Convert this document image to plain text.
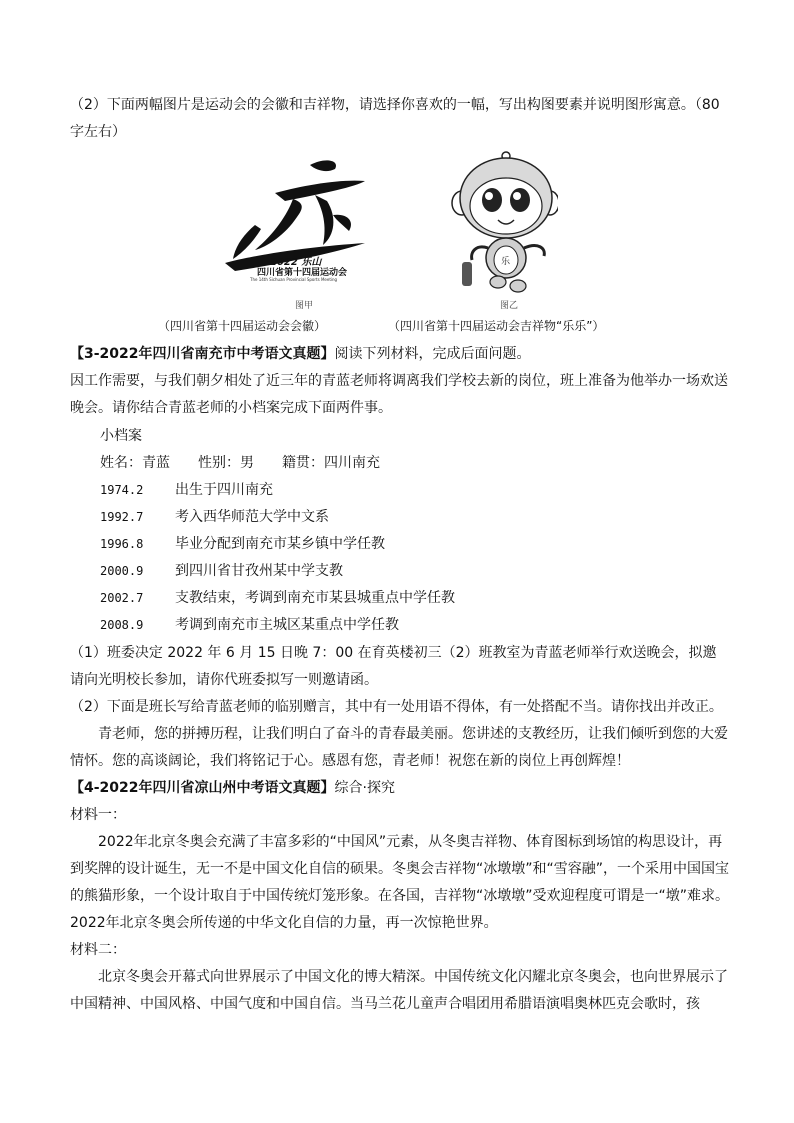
（2）下面两幅图片是运动会的会徽和吉祥物，请选择你喜欢的一幅，写出构图要素并说明图形寓意。（80字左右）

2022 乐山
四川省第十四届运动会
The 14th Sichuan Provincial Sports Meeting
图甲
乐
图乙
（四川省第十四届运动会会徽）	（四川省第十四届运动会吉祥物“乐乐”）

【3-2022年四川省南充市中考语文真题】阅读下列材料，完成后面问题。

因工作需要，与我们朝夕相处了近三年的青蓝老师将调离我们学校去新的岗位，班上准备为他举办一场欢送晚会。请你结合青蓝老师的小档案完成下面两件事。

小档案
姓名：青蓝　　性别：男　　籍贯：四川南充
1974.2 出生于四川南充
1992.7 考入西华师范大学中文系
1996.8 毕业分配到南充市某乡镇中学任教
2000.9 到四川省甘孜州某中学支教
2002.7 支教结束，考调到南充市某县城重点中学任教
2008.9 考调到南充市主城区某重点中学任教

（1）班委决定 2022 年 6 月 15 日晚 7：00 在育英楼初三（2）班教室为青蓝老师举行欢送晚会，拟邀请向光明校长参加，请你代班委拟写一则邀请函。

（2）下面是班长写给青蓝老师的临别赠言，其中有一处用语不得体，有一处搭配不当。请你找出并改正。

青老师，您的拼搏历程，让我们明白了奋斗的青春最美丽。您讲述的支教经历，让我们倾听到您的大爱情怀。您的高谈阔论，我们将铭记于心。感恩有您，青老师！祝您在新的岗位上再创辉煌！

【4-2022年四川省凉山州中考语文真题】综合·探究

材料一：

2022年北京冬奥会充满了丰富多彩的“中国风”元素，从冬奥吉祥物、体育图标到场馆的构思设计，再到奖牌的设计诞生，无一不是中国文化自信的硕果。冬奥会吉祥物“冰墩墩”和“雪容融”，一个采用中国国宝的熊猫形象，一个设计取自于中国传统灯笼形象。在各国，吉祥物“冰墩墩”受欢迎程度可谓是一“墩”难求。2022年北京冬奥会所传递的中华文化自信的力量，再一次惊艳世界。

材料二：

北京冬奥会开幕式向世界展示了中国文化的博大精深。中国传统文化闪耀北京冬奥会，也向世界展示了中国精神、中国风格、中国气度和中国自信。当马兰花儿童声合唱团用希腊语演唱奥林匹克会歌时，孩
